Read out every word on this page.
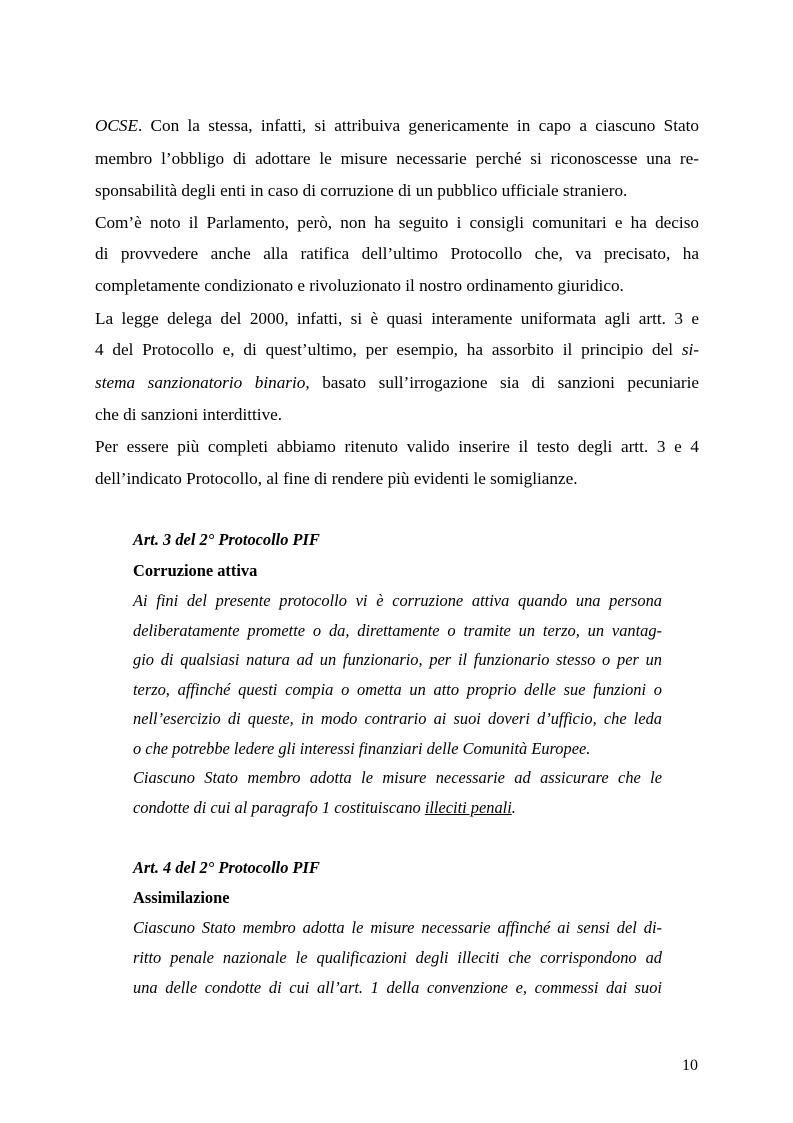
OCSE. Con la stessa, infatti, si attribuiva genericamente in capo a ciascuno Stato
membro l’obbligo di adottare le misure necessarie perché si riconoscesse una re-
sponsabilità degli enti in caso di corruzione di un pubblico ufficiale straniero.
Com’è noto il Parlamento, però, non ha seguito i consigli comunitari e ha deciso
di provvedere anche alla ratifica dell’ultimo Protocollo che, va precisato, ha
completamente condizionato e rivoluzionato il nostro ordinamento giuridico.
La legge delega del 2000, infatti, si è quasi interamente uniformata agli artt. 3 e
4 del Protocollo e, di quest’ultimo, per esempio, ha assorbito il principio del si-
stema sanzionatorio binario, basato sull’irrogazione sia di sanzioni pecuniarie
che di sanzioni interdittive.
Per essere più completi abbiamo ritenuto valido inserire il testo degli artt. 3 e 4
dell’indicato Protocollo, al fine di rendere più evidenti le somiglianze.
Art. 3 del 2° Protocollo PIF
Corruzione attiva
Ai fini del presente protocollo vi è corruzione attiva quando una persona
deliberatamente promette o da, direttamente o tramite un terzo, un vantag-
gio di qualsiasi natura ad un funzionario, per il funzionario stesso o per un
terzo, affinché questi compia o ometta un atto proprio delle sue funzioni o
nell’esercizio di queste, in modo contrario ai suoi doveri d’ufficio, che leda
o che potrebbe ledere gli interessi finanziari delle Comunità Europee.
Ciascuno Stato membro adotta le misure necessarie ad assicurare che le
condotte di cui al paragrafo 1 costituiscano illeciti penali.
Art. 4 del 2° Protocollo PIF
Assimilazione
Ciascuno Stato membro adotta le misure necessarie affinché ai sensi del di-
ritto penale nazionale le qualificazioni degli illeciti che corrispondono ad
una delle condotte di cui all’art. 1 della convenzione e, commessi dai suoi
10
